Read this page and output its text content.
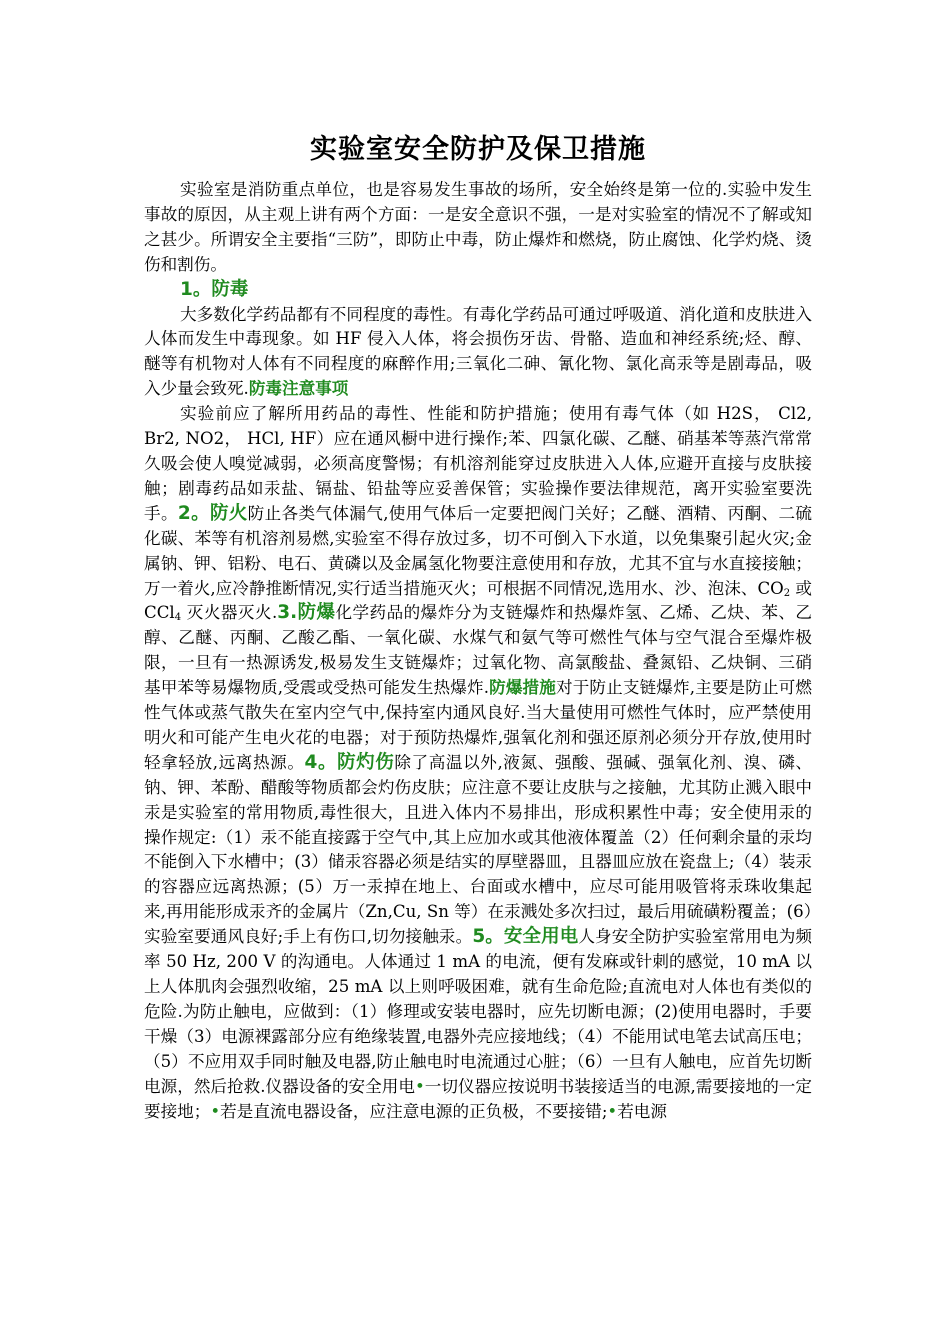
实验室安全防护及保卫措施

实验室是消防重点单位，也是容易发生事故的场所，安全始终是第一位的.实验中发生事故的原因，从主观上讲有两个方面：一是安全意识不强，一是对实验室的情况不了解或知之甚少。所谓安全主要指“三防”，即防止中毒，防止爆炸和燃烧，防止腐蚀、化学灼烧、烫伤和割伤。

1。防毒

大多数化学药品都有不同程度的毒性。有毒化学药品可通过呼吸道、消化道和皮肤进入人体而发生中毒现象。如 HF 侵入人体，将会损伤牙齿、骨骼、造血和神经系统;烃、醇、醚等有机物对人体有不同程度的麻醉作用;三氧化二砷、氰化物、氯化高汞等是剧毒品，吸入少量会致死.防毒注意事项

实验前应了解所用药品的毒性、性能和防护措施；使用有毒气体（如 H2S， Cl2, Br2, NO2， HCl, HF）应在通风橱中进行操作;苯、四氯化碳、乙醚、硝基苯等蒸汽常常久吸会使人嗅觉减弱，必须高度警惕；有机溶剂能穿过皮肤进入人体,应避开直接与皮肤接触；剧毒药品如汞盐、镉盐、铅盐等应妥善保管；实验操作要法律规范，离开实验室要洗手。2。防火防止各类气体漏气,使用气体后一定要把阀门关好；乙醚、酒精、丙酮、二硫化碳、苯等有机溶剂易燃,实验室不得存放过多，切不可倒入下水道，以免集聚引起火灾;金属钠、钾、铝粉、电石、黄磷以及金属氢化物要注意使用和存放，尤其不宜与水直接接触；万一着火,应冷静推断情况,实行适当措施灭火；可根据不同情况,选用水、沙、泡沫、$CO_2$ 或 CCl$_4$ 灭火器灭火.3.防爆化学药品的爆炸分为支链爆炸和热爆炸氢、乙烯、乙炔、苯、乙醇、乙醚、丙酮、乙酸乙酯、一氧化碳、水煤气和氨气等可燃性气体与空气混合至爆炸极限，一旦有一热源诱发,极易发生支链爆炸；过氧化物、高氯酸盐、叠氮铅、乙炔铜、三硝基甲苯等易爆物质,受震或受热可能发生热爆炸.防爆措施对于防止支链爆炸,主要是防止可燃性气体或蒸气散失在室内空气中,保持室内通风良好.当大量使用可燃性气体时，应严禁使用明火和可能产生电火花的电器；对于预防热爆炸,强氧化剂和强还原剂必须分开存放,使用时轻拿轻放,远离热源。4。防灼伤除了高温以外,液氮、强酸、强碱、强氧化剂、溴、磷、钠、钾、苯酚、醋酸等物质都会灼伤皮肤；应注意不要让皮肤与之接触，尤其防止溅入眼中汞是实验室的常用物质,毒性很大，且进入体内不易排出，形成积累性中毒；安全使用汞的操作规定:（1）汞不能直接露于空气中,其上应加水或其他液体覆盖（2）任何剩余量的汞均不能倒入下水槽中；(3）储汞容器必须是结实的厚壁器皿，且器皿应放在瓷盘上;（4）装汞的容器应远离热源；(5）万一汞掉在地上、台面或水槽中，应尽可能用吸管将汞珠收集起来,再用能形成汞齐的金属片（Zn,Cu, Sn 等）在汞溅处多次扫过，最后用硫磺粉覆盖；(6）实验室要通风良好;手上有伤口,切勿接触汞。5。安全用电人身安全防护实验室常用电为频率 50 Hz, 200 V 的沟通电。人体通过 1 mA 的电流，便有发麻或针刺的感觉，10 mA 以上人体肌肉会强烈收缩，25 mA 以上则呼吸困难，就有生命危险;直流电对人体也有类似的危险.为防止触电，应做到：（1）修理或安装电器时，应先切断电源；(2)使用电器时，手要干燥（3）电源裸露部分应有绝缘装置,电器外壳应接地线；（4）不能用试电笔去试高压电；（5）不应用双手同时触及电器,防止触电时电流通过心脏；（6）一旦有人触电，应首先切断电源，然后抢救.仪器设备的安全用电•一切仪器应按说明书装接适当的电源,需要接地的一定要接地；•若是直流电器设备，应注意电源的正负极，不要接错;•若电源
